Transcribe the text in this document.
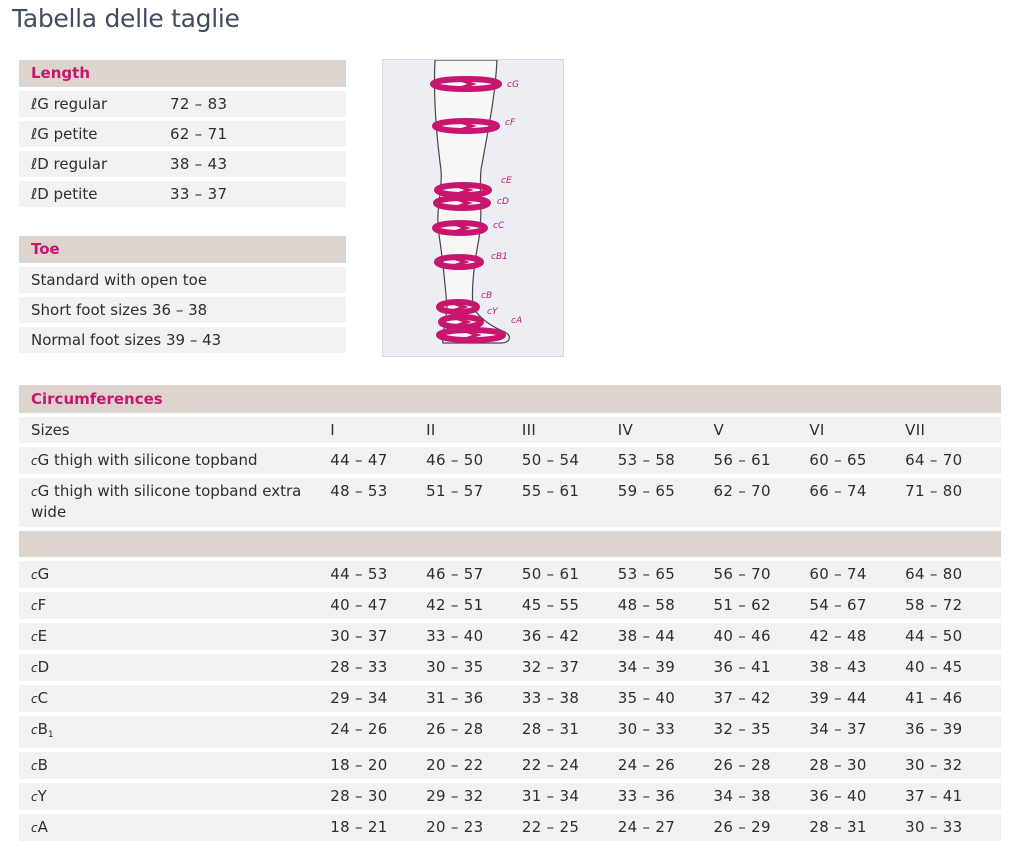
Tabella delle taglie
Length
ℓG regular	72 – 83
ℓG petite	62 – 71
ℓD regular	38 – 43
ℓD petite	33 – 37
Toe
Standard with open toe
Short foot sizes 36 – 38
Normal foot sizes 39 – 43
cG
cF
cE
cD
cC
cB1
cB
cY
cA
Circumferences							
Sizes	I	II	III	IV	V	VI	VII
cG thigh with silicone topband	44 – 47	46 – 50	50 – 54	53 – 58	56 – 61	60 – 65	64 – 70
cG thigh with silicone topband extra wide	48 – 53	51 – 57	55 – 61	59 – 65	62 – 70	66 – 74	71 – 80

cG	44 – 53	46 – 57	50 – 61	53 – 65	56 – 70	60 – 74	64 – 80
cF	40 – 47	42 – 51	45 – 55	48 – 58	51 – 62	54 – 67	58 – 72
cE	30 – 37	33 – 40	36 – 42	38 – 44	40 – 46	42 – 48	44 – 50
cD	28 – 33	30 – 35	32 – 37	34 – 39	36 – 41	38 – 43	40 – 45
cC	29 – 34	31 – 36	33 – 38	35 – 40	37 – 42	39 – 44	41 – 46
$cB_1$	24 – 26	26 – 28	28 – 31	30 – 33	32 – 35	34 – 37	36 – 39
cB	18 – 20	20 – 22	22 – 24	24 – 26	26 – 28	28 – 30	30 – 32
cY	28 – 30	29 – 32	31 – 34	33 – 36	34 – 38	36 – 40	37 – 41
cA	18 – 21	20 – 23	22 – 25	24 – 27	26 – 29	28 – 31	30 – 33
